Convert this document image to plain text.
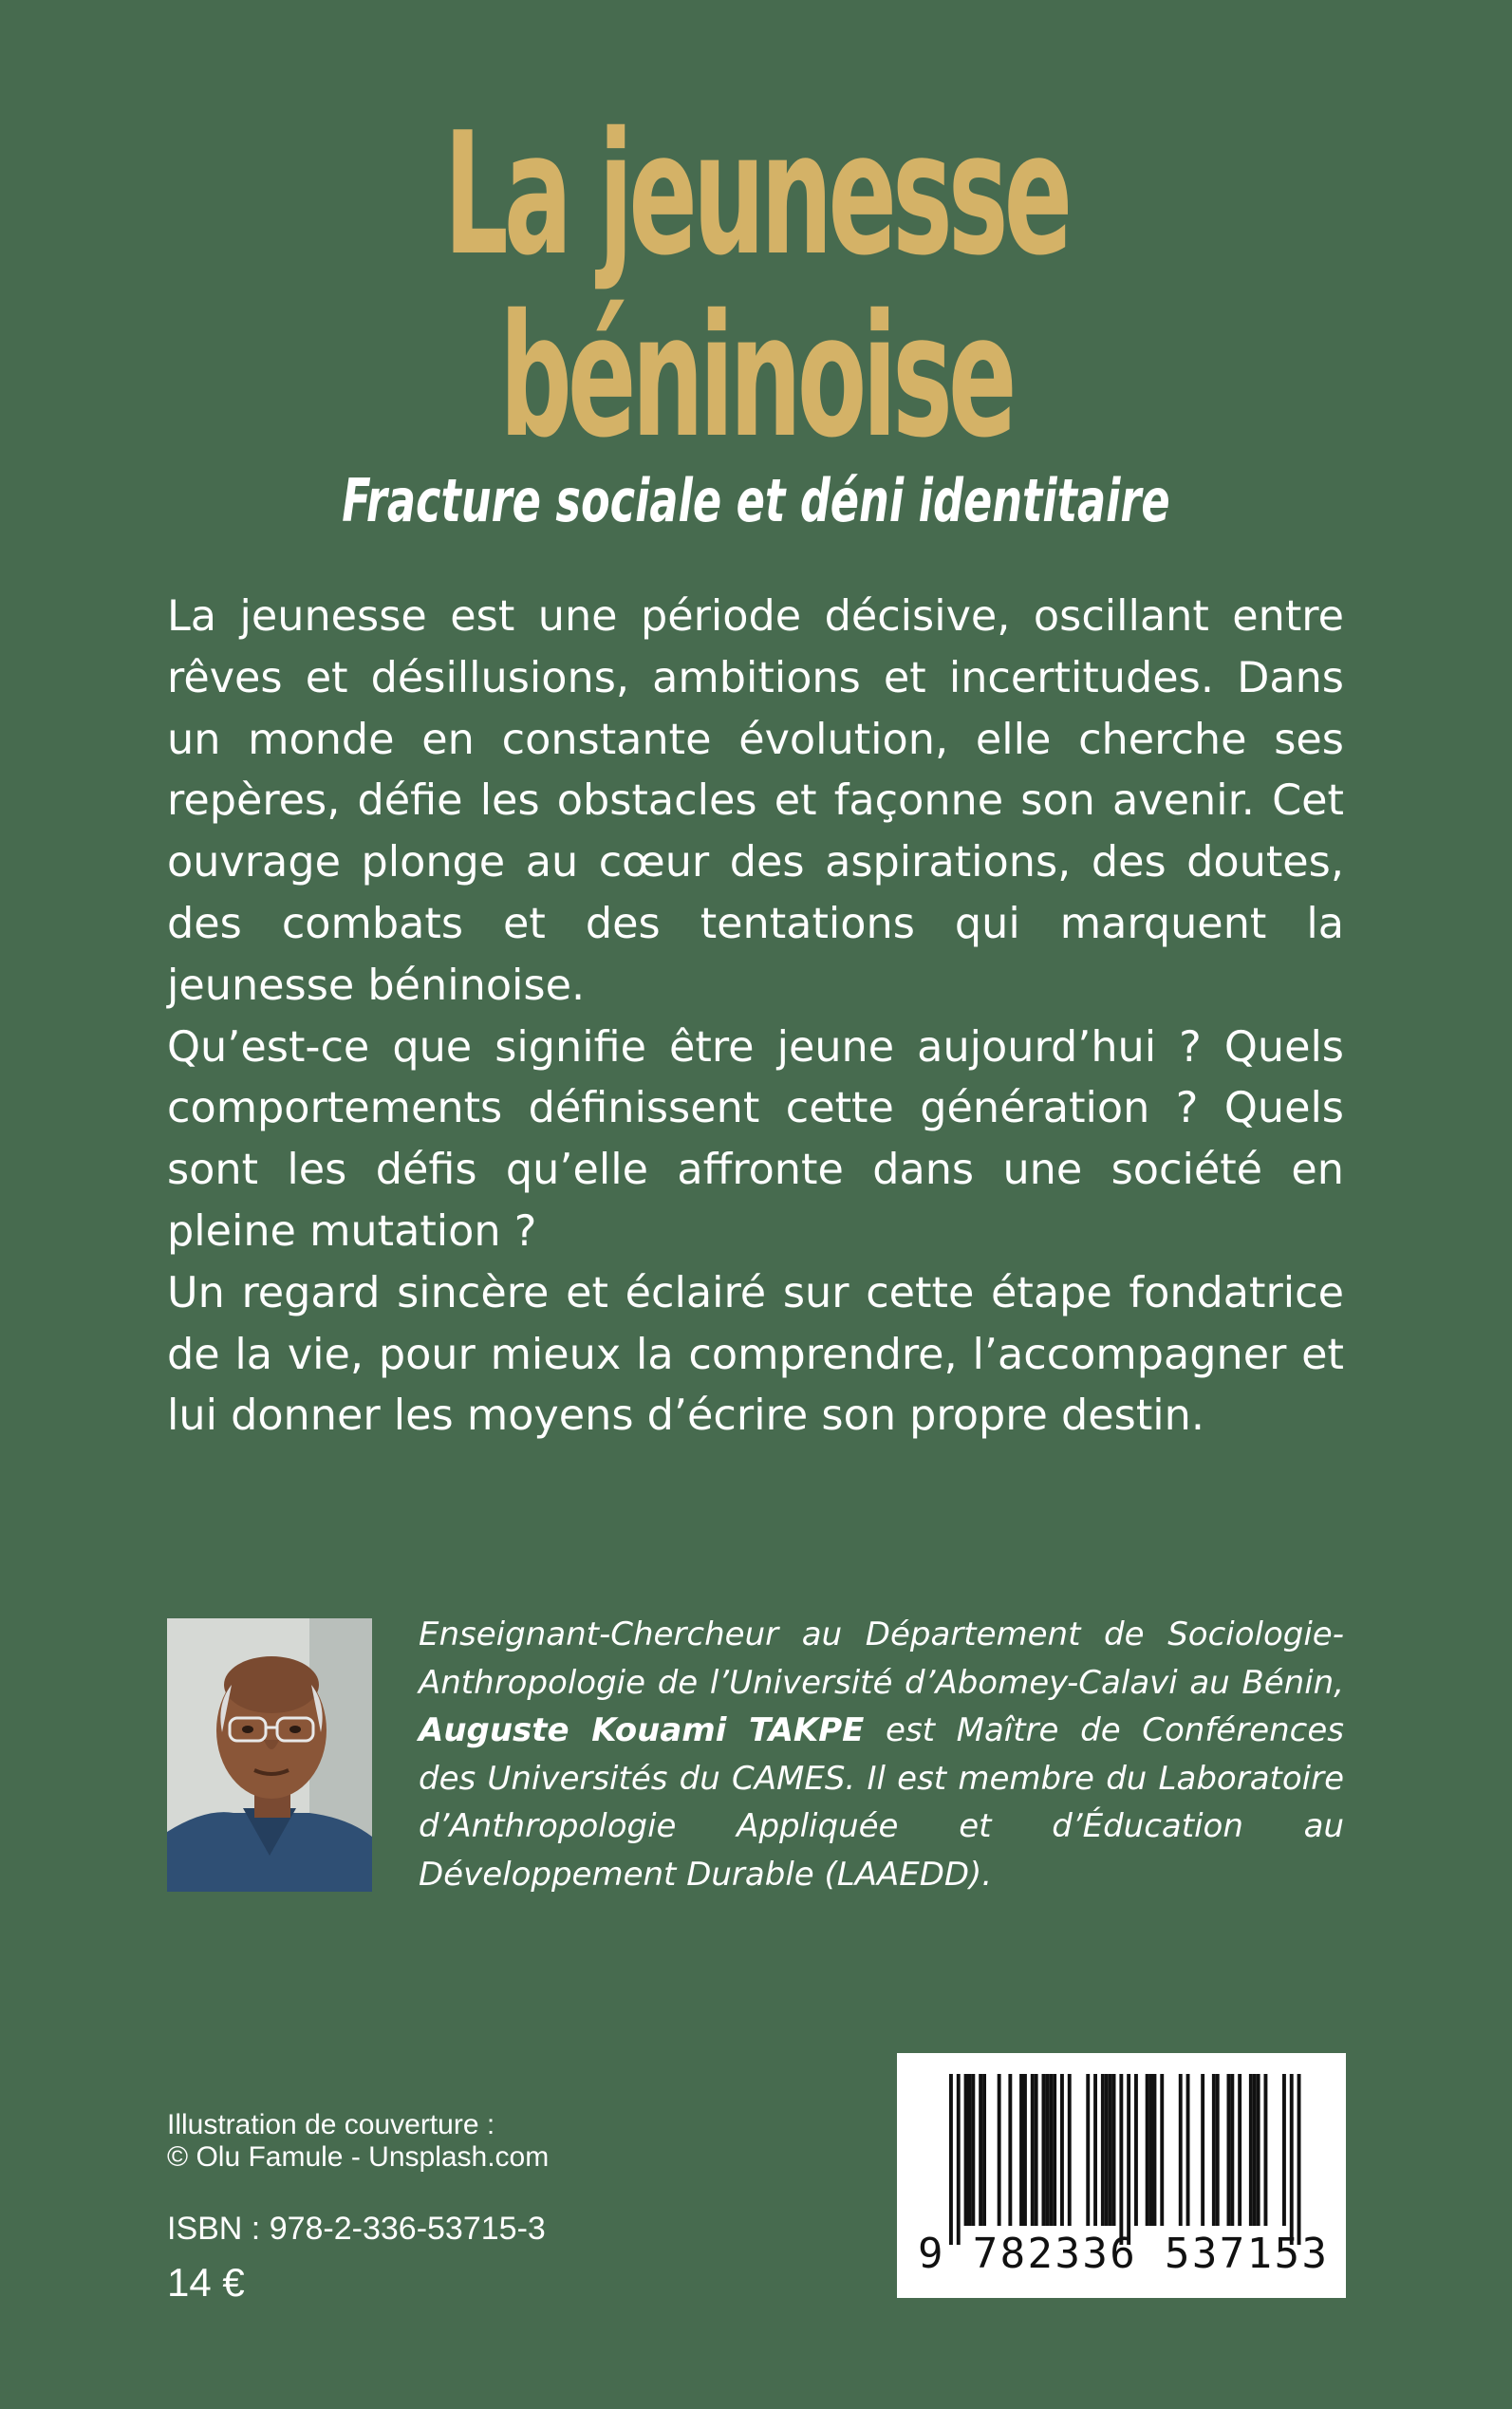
La jeunesse
béninoise
Fracture sociale et déni identitaire

La jeunesse est une période décisive, oscillant entre rêves et désillusions, ambitions et incertitudes. Dans un monde en constante évolution, elle cherche ses repères, défie les obstacles et façonne son avenir. Cet ouvrage plonge au cœur des aspirations, des doutes, des combats et des tentations qui marquent la jeunesse béninoise.

Qu’est-ce que signifie être jeune aujourd’hui ? Quels comportements définissent cette génération ? Quels sont les défis qu’elle affronte dans une société en pleine mutation ?

Un regard sincère et éclairé sur cette étape fondatrice de la vie, pour mieux la comprendre, l’accompagner et lui donner les moyens d’écrire son propre destin.

Enseignant-Chercheur au Département de Sociologie-Anthropologie de l’Université d’Abomey-Calavi au Bénin, Auguste Kouami TAKPE est Maître de Conférences des Universités du CAMES. Il est membre du Laboratoire d’Anthropologie Appliquée et d’Éducation au Développement Durable (LAAEDD).
Illustration de couverture :
© Olu Famule - Unsplash.com
ISBN : 978-2-336-53715-3
14 €
9 782336 537153
